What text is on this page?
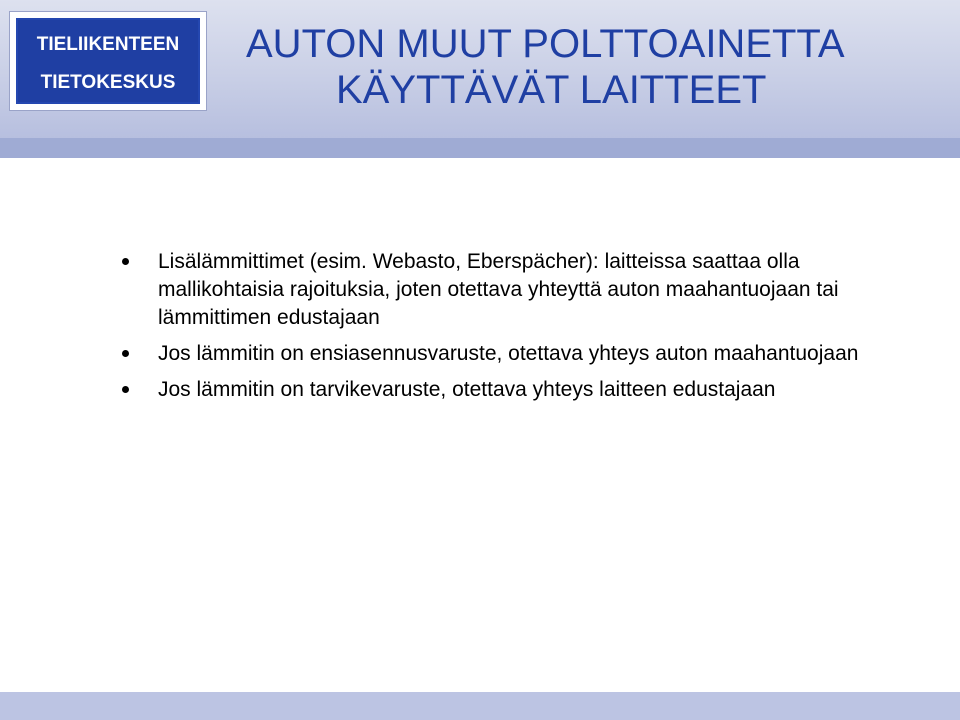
TIELIIKENTEEN
TIETOKESKUS
AUTON MUUT POLTTOAINETTA
KÄYTTÄVÄT LAITTEET
Lisälämmittimet (esim. Webasto, Eberspächer): laitteissa saattaa olla mallikohtaisia rajoituksia, joten otettava yhteyttä auton maahantuojaan tai lämmittimen edustajaan
Jos lämmitin on ensiasennusvaruste, otettava yhteys auton maahantuojaan
Jos lämmitin on tarvikevaruste, otettava yhteys laitteen edustajaan
